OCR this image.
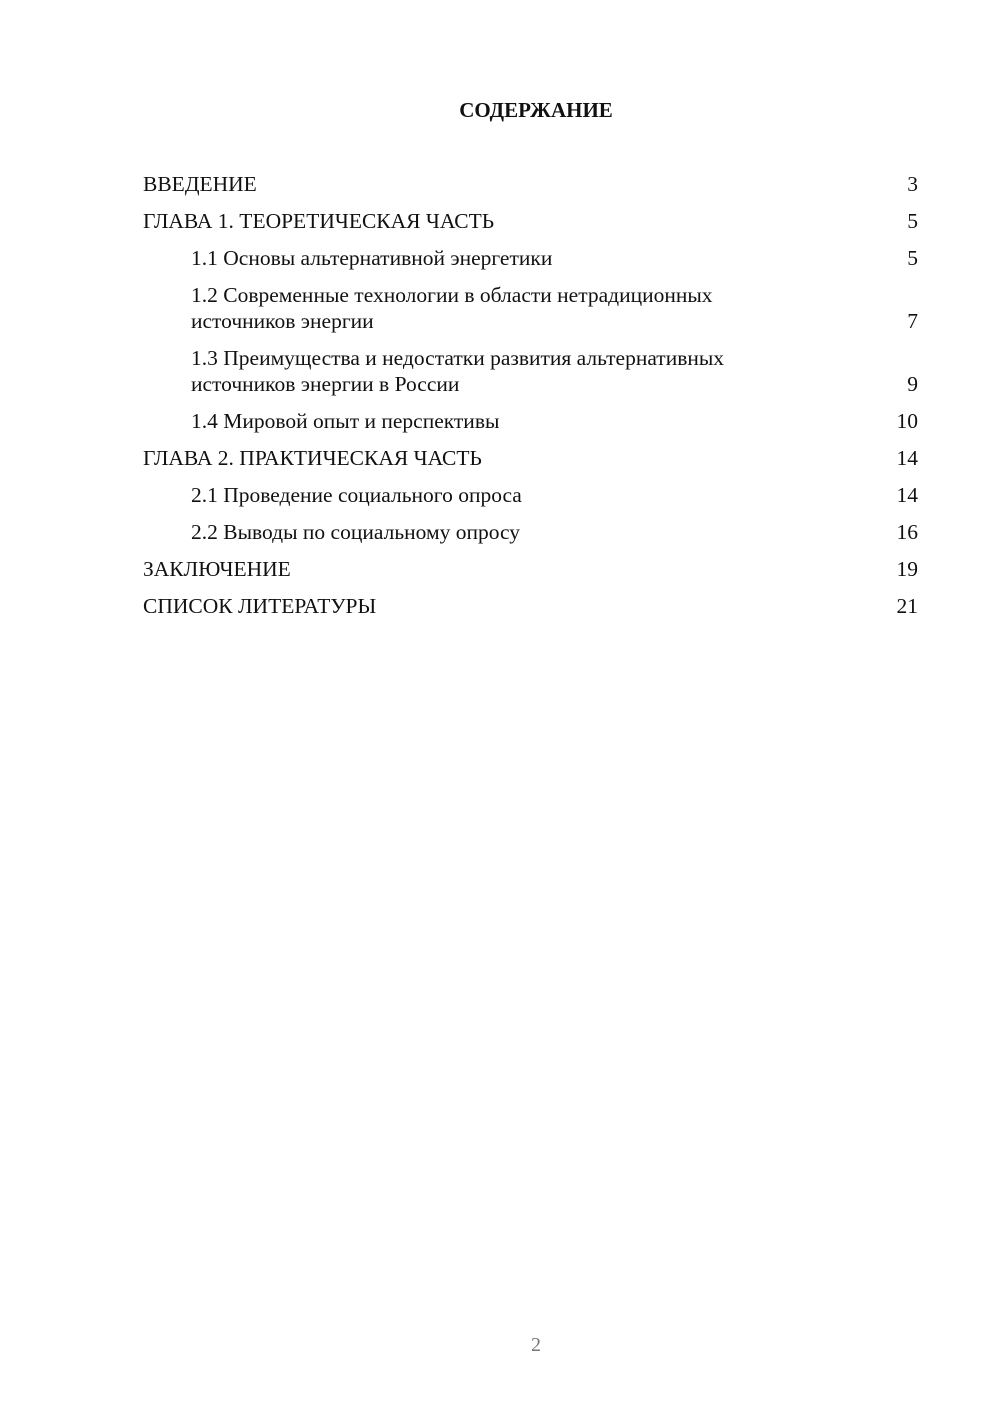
СОДЕРЖАНИЕ
ВВЕДЕНИЕ	3
ГЛАВА 1. ТЕОРЕТИЧЕСКАЯ ЧАСТЬ	5
1.1 Основы альтернативной энергетики	5
1.2 Современные технологии в области нетрадиционных источников энергии	7
1.3 Преимущества и недостатки развития альтернативных источников энергии в России	9
1.4 Мировой опыт и перспективы	10
ГЛАВА 2. ПРАКТИЧЕСКАЯ ЧАСТЬ	14
2.1 Проведение социального опроса	14
2.2 Выводы по социальному опросу	16
ЗАКЛЮЧЕНИЕ	19
СПИСОК ЛИТЕРАТУРЫ	21
2
